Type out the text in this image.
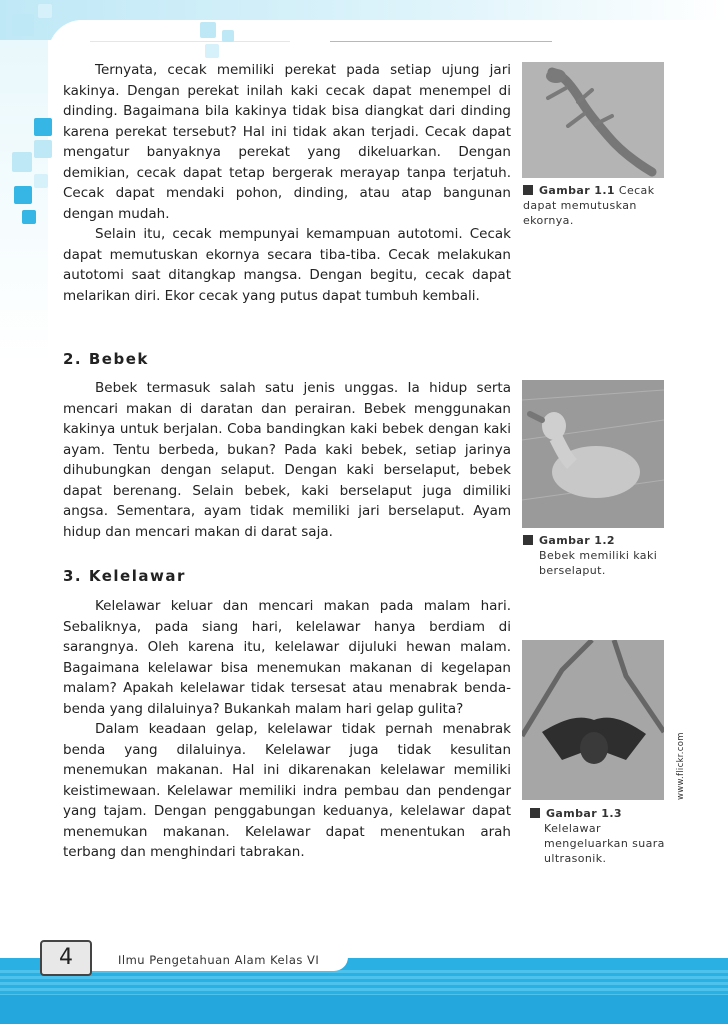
Ternyata, cecak memiliki perekat pada setiap ujung jari kakinya. Dengan perekat inilah kaki cecak dapat menempel di dinding. Bagaimana bila kakinya tidak bisa diangkat dari dinding karena perekat tersebut? Hal ini tidak akan terjadi. Cecak dapat mengatur banyaknya perekat yang dikeluarkan. Dengan demikian, cecak dapat tetap bergerak merayap tanpa terjatuh. Cecak dapat mendaki pohon, dinding, atau atap bangunan dengan mudah.

Selain itu, cecak mempunyai kemampuan autotomi. Cecak dapat memutuskan ekornya secara tiba-tiba. Cecak melakukan autotomi saat ditangkap mangsa. Dengan begitu, cecak dapat melarikan diri. Ekor cecak yang putus dapat tumbuh kembali.

2. Bebek

Bebek termasuk salah satu jenis unggas. Ia hidup serta mencari makan di daratan dan perairan. Bebek menggunakan kakinya untuk berjalan. Coba bandingkan kaki bebek dengan kaki ayam. Tentu berbeda, bukan? Pada kaki bebek, setiap jarinya dihubungkan dengan selaput. Dengan kaki berselaput, bebek dapat berenang. Selain bebek, kaki berselaput juga dimiliki angsa. Sementara, ayam tidak memiliki jari berselaput. Ayam hidup dan mencari makan di darat saja.

3. Kelelawar

Kelelawar keluar dan mencari makan pada malam hari. Sebaliknya, pada siang hari, kelelawar hanya berdiam di sarangnya. Oleh karena itu, kelelawar dijuluki hewan malam. Bagaimana kelelawar bisa menemukan makanan di kegelapan malam? Apakah kelelawar tidak tersesat atau menabrak benda-benda yang dilaluinya? Bukankah malam hari gelap gulita?

Dalam keadaan gelap, kelelawar tidak pernah menabrak benda yang dilaluinya. Kelelawar juga tidak kesulitan menemukan makanan. Hal ini dikarenakan kelelawar memiliki keistimewaan. Kelelawar memiliki indra pembau dan pendengar yang tajam. Dengan penggabungan keduanya, kelelawar dapat menemukan makanan. Kelelawar dapat menentukan arah terbang dan menghindari tabrakan.

Gambar 1.1 Cecak dapat memutuskan ekornya.
Gambar 1.2
Bebek memiliki kaki berselaput.
www.flickr.com
Gambar 1.3
Kelelawar mengeluarkan suara ultrasonik.
4	Ilmu Pengetahuan Alam Kelas VI
